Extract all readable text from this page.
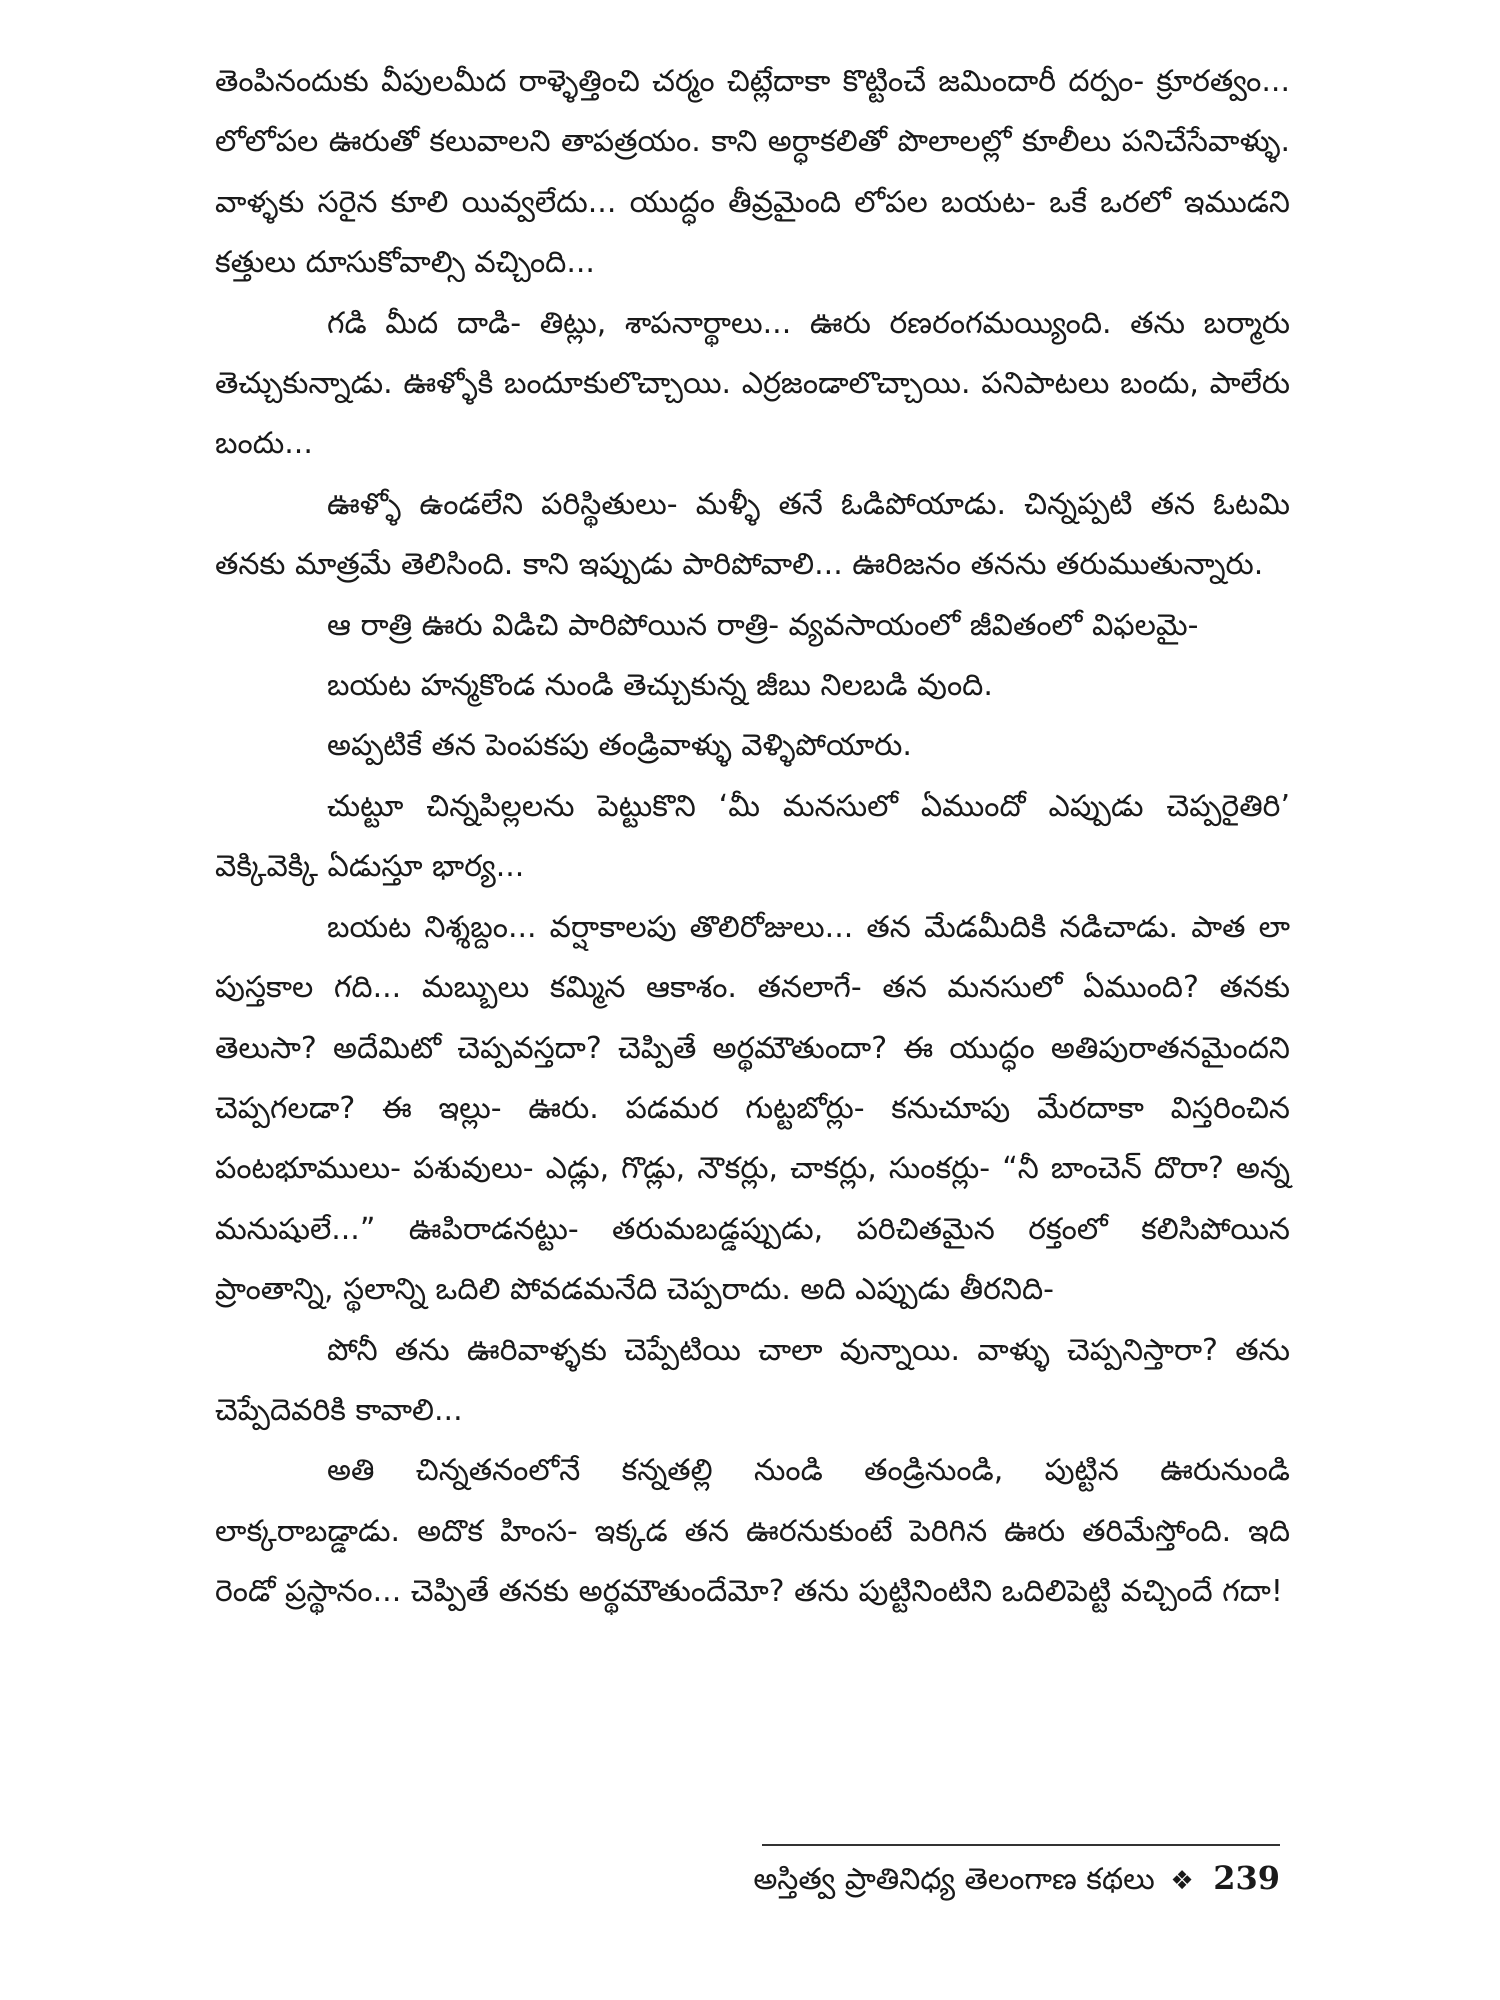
తెంపినందుకు వీపులమీద రాళ్ళెత్తించి చర్మం చిట్లేదాకా కొట్టించే జమిందారీ దర్పం- క్రూరత్వం... లోలోపల ఊరుతో కలువాలని తాపత్రయం. కాని అర్ధాకలితో పొలాలల్లో కూలీలు పనిచేసేవాళ్ళు. వాళ్ళకు సరైన కూలి యివ్వలేదు... యుద్ధం తీవ్రమైంది లోపల బయట- ఒకే ఒరలో ఇముడని కత్తులు దూసుకోవాల్సి వచ్చింది...

గడి మీద దాడి- తిట్లు, శాపనార్థాలు... ఊరు రణరంగమయ్యింది. తను బర్మారు తెచ్చుకున్నాడు. ఊళ్ళోకి బందూకులొచ్చాయి. ఎర్రజండాలొచ్చాయి. పనిపాటలు బందు, పాలేరు బందు...

ఊళ్ళో ఉండలేని పరిస్థితులు- మళ్ళీ తనే ఓడిపోయాడు. చిన్నప్పటి తన ఓటమి తనకు మాత్రమే తెలిసింది. కాని ఇప్పుడు పారిపోవాలి... ఊరిజనం తనను తరుముతున్నారు.

ఆ రాత్రి ఊరు విడిచి పారిపోయిన రాత్రి- వ్యవసాయంలో జీవితంలో విఫలమై-

బయట హన్మకొండ నుండి తెచ్చుకున్న జీబు నిలబడి వుంది.

అప్పటికే తన పెంపకపు తండ్రివాళ్ళు వెళ్ళిపోయారు.

చుట్టూ చిన్నపిల్లలను పెట్టుకొని ‘మీ మనసులో ఏముందో ఎప్పుడు చెప్పరైతిరి’ వెక్కివెక్కి ఏడుస్తూ భార్య...

బయట నిశ్శబ్దం... వర్షాకాలపు తొలిరోజులు... తన మేడమీదికి నడిచాడు. పాత లా పుస్తకాల గది... మబ్బులు కమ్మిన ఆకాశం. తనలాగే- తన మనసులో ఏముంది? తనకు తెలుసా? అదేమిటో చెప్పవస్తదా? చెప్పితే అర్థమౌతుందా? ఈ యుద్ధం అతిపురాతనమైందని చెప్పగలడా? ఈ ఇల్లు- ఊరు. పడమర గుట్టబోర్లు- కనుచూపు మేరదాకా విస్తరించిన పంటభూములు- పశువులు- ఎడ్లు, గొడ్లు, నౌకర్లు, చాకర్లు, సుంకర్లు- “నీ బాంచెన్ దొరా? అన్న మనుషులే...” ఊపిరాడనట్టు- తరుమబడ్డప్పుడు, పరిచితమైన రక్తంలో కలిసిపోయిన ప్రాంతాన్ని, స్థలాన్ని ఒదిలి పోవడమనేది చెప్పరాదు. అది ఎప్పుడు తీరనిది-

పోనీ తను ఊరివాళ్ళకు చెప్పేటియి చాలా వున్నాయి. వాళ్ళు చెప్పనిస్తారా? తను చెప్పేదెవరికి కావాలి...

అతి చిన్నతనంలోనే కన్నతల్లి నుండి తండ్రినుండి, పుట్టిన ఊరునుండి లాక్కరాబడ్డాడు. అదొక హింస- ఇక్కడ తన ఊరనుకుంటే పెరిగిన ఊరు తరిమేస్తోంది. ఇది రెండో ప్రస్థానం... చెప్పితే తనకు అర్థమౌతుందేమో? తను పుట్టినింటిని ఒదిలిపెట్టి వచ్చిందే గదా!

అస్తిత్వ ప్రాతినిధ్య తెలంగాణ కథలు ❖ 239
